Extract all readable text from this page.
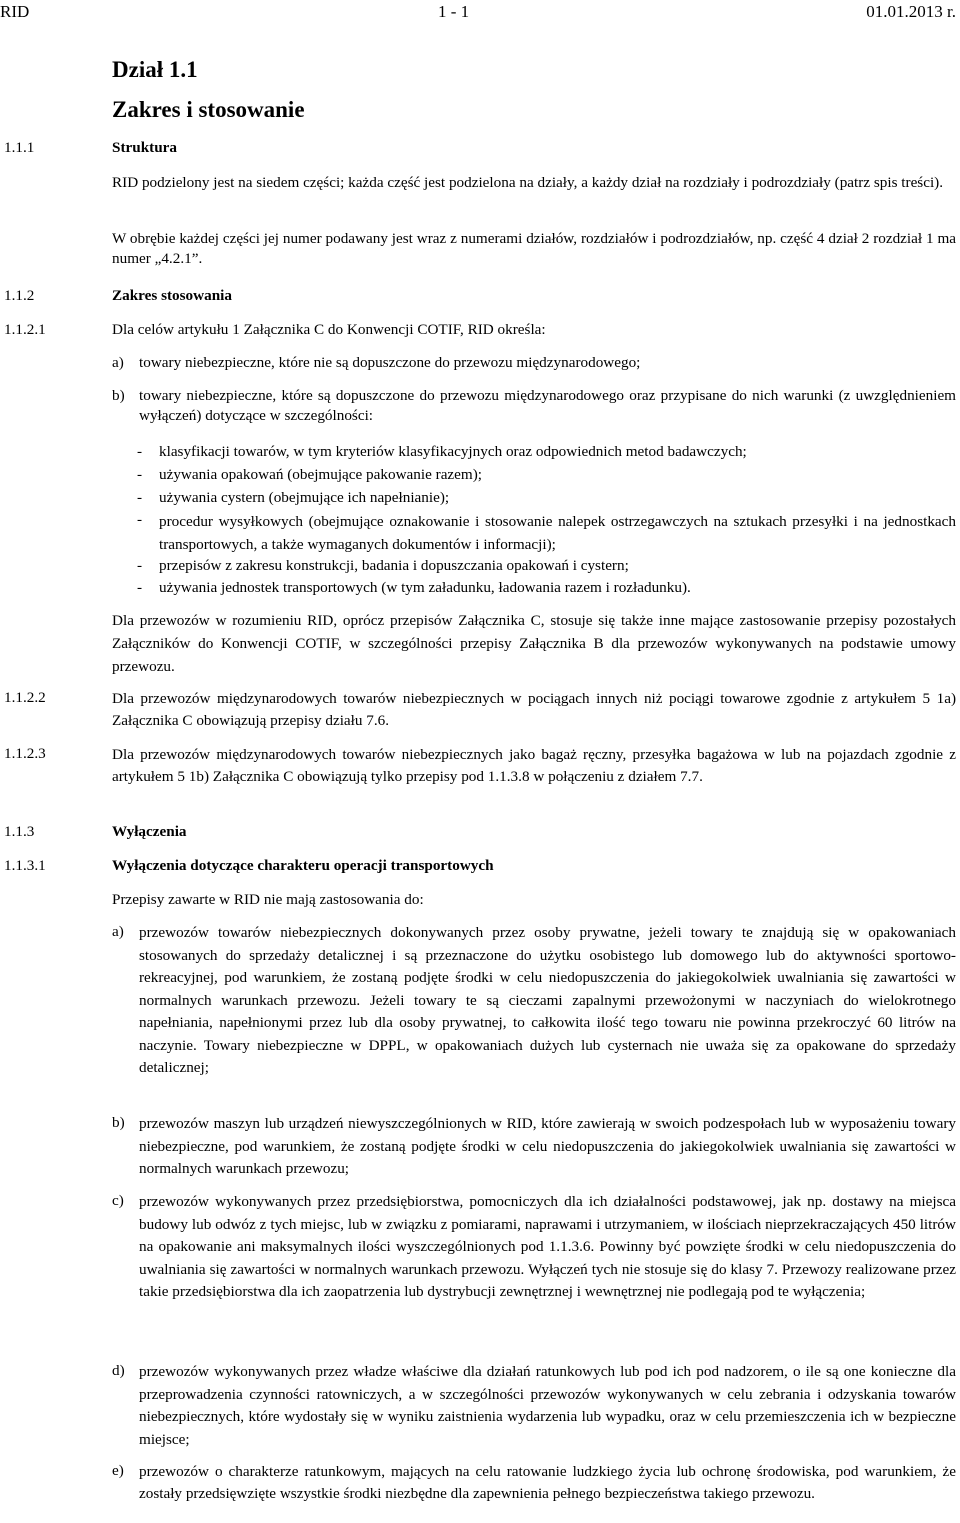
RID	1 - 1	01.01.2013 r.
Dział 1.1
Zakres i stosowanie
1.1.1	Struktura
RID podzielony jest na siedem części; każda część jest podzielona na działy, a każdy dział na rozdziały i podrozdziały (patrz spis treści).
W obrębie każdej części jej numer podawany jest wraz z numerami działów, rozdziałów i podrozdziałów, np. część 4 dział 2 rozdział 1 ma numer „4.2.1”.
1.1.2	Zakres stosowania
1.1.2.1	Dla celów artykułu 1 Załącznika C do Konwencji COTIF, RID określa:
a) towary niebezpieczne, które nie są dopuszczone do przewozu międzynarodowego;
b) towary niebezpieczne, które są dopuszczone do przewozu międzynarodowego oraz przypisane do nich warunki (z uwzględnieniem wyłączeń) dotyczące w szczególności:
- klasyfikacji towarów, w tym kryteriów klasyfikacyjnych oraz odpowiednich metod badawczych;
- używania opakowań (obejmujące pakowanie razem);
- używania cystern (obejmujące ich napełnianie);
- procedur wysyłkowych (obejmujące oznakowanie i stosowanie nalepek ostrzegawczych na sztukach przesyłki i na jednostkach transportowych, a także wymaganych dokumentów i informacji);
- przepisów z zakresu konstrukcji, badania i dopuszczania opakowań i cystern;
- używania jednostek transportowych (w tym załadunku, ładowania razem i rozładunku).
Dla przewozów w rozumieniu RID, oprócz przepisów Załącznika C, stosuje się także inne mające zastosowanie przepisy pozostałych Załączników do Konwencji COTIF, w szczególności przepisy Załącznika B dla przewozów wykonywanych na podstawie umowy przewozu.
1.1.2.2	Dla przewozów międzynarodowych towarów niebezpiecznych w pociągach innych niż pociągi towarowe zgodnie z artykułem 5 1a) Załącznika C obowiązują przepisy działu 7.6.
1.1.2.3	Dla przewozów międzynarodowych towarów niebezpiecznych jako bagaż ręczny, przesyłka bagażowa w lub na pojazdach zgodnie z artykułem 5 1b) Załącznika C obowiązują tylko przepisy pod 1.1.3.8 w połączeniu z działem 7.7.
1.1.3	Wyłączenia
1.1.3.1	Wyłączenia dotyczące charakteru operacji transportowych
Przepisy zawarte w RID nie mają zastosowania do:
a) przewozów towarów niebezpiecznych dokonywanych przez osoby prywatne, jeżeli towary te znajdują się w opakowaniach stosowanych do sprzedaży detalicznej i są przeznaczone do użytku osobistego lub domowego lub do aktywności sportowo-rekreacyjnej, pod warunkiem, że zostaną podjęte środki w celu niedopuszczenia do jakiegokolwiek uwalniania się zawartości w normalnych warunkach przewozu. Jeżeli towary te są cieczami zapalnymi przewożonymi w naczyniach do wielokrotnego napełniania, napełnionymi przez lub dla osoby prywatnej, to całkowita ilość tego towaru nie powinna przekroczyć 60 litrów na naczynie. Towary niebezpieczne w DPPL, w opakowaniach dużych lub cysternach nie uważa się za opakowane do sprzedaży detalicznej;
b) przewozów maszyn lub urządzeń niewyszczególnionych w RID, które zawierają w swoich podzespołach lub w wyposażeniu towary niebezpieczne, pod warunkiem, że zostaną podjęte środki w celu niedopuszczenia do jakiegokolwiek uwalniania się zawartości w normalnych warunkach przewozu;
c) przewozów wykonywanych przez przedsiębiorstwa, pomocniczych dla ich działalności podstawowej, jak np. dostawy na miejsca budowy lub odwóz z tych miejsc, lub w związku z pomiarami, naprawami i utrzymaniem, w ilościach nieprzekraczających 450 litrów na opakowanie ani maksymalnych ilości wyszczególnionych pod 1.1.3.6. Powinny być powzięte środki w celu niedopuszczenia do uwalniania się zawartości w normalnych warunkach przewozu. Wyłączeń tych nie stosuje się do klasy 7. Przewozy realizowane przez takie przedsiębiorstwa dla ich zaopatrzenia lub dystrybucji zewnętrznej i wewnętrznej nie podlegają pod te wyłączenia;
d) przewozów wykonywanych przez władze właściwe dla działań ratunkowych lub pod ich pod nadzorem, o ile są one konieczne dla przeprowadzenia czynności ratowniczych, a w szczególności przewozów wykonywanych w celu zebrania i odzyskania towarów niebezpiecznych, które wydostały się w wyniku zaistnienia wydarzenia lub wypadku, oraz w celu przemieszczenia ich w bezpieczne miejsce;
e) przewozów o charakterze ratunkowym, mających na celu ratowanie ludzkiego życia lub ochronę środowiska, pod warunkiem, że zostały przedsięwzięte wszystkie środki niezbędne dla zapewnienia pełnego bezpieczeństwa takiego przewozu.
